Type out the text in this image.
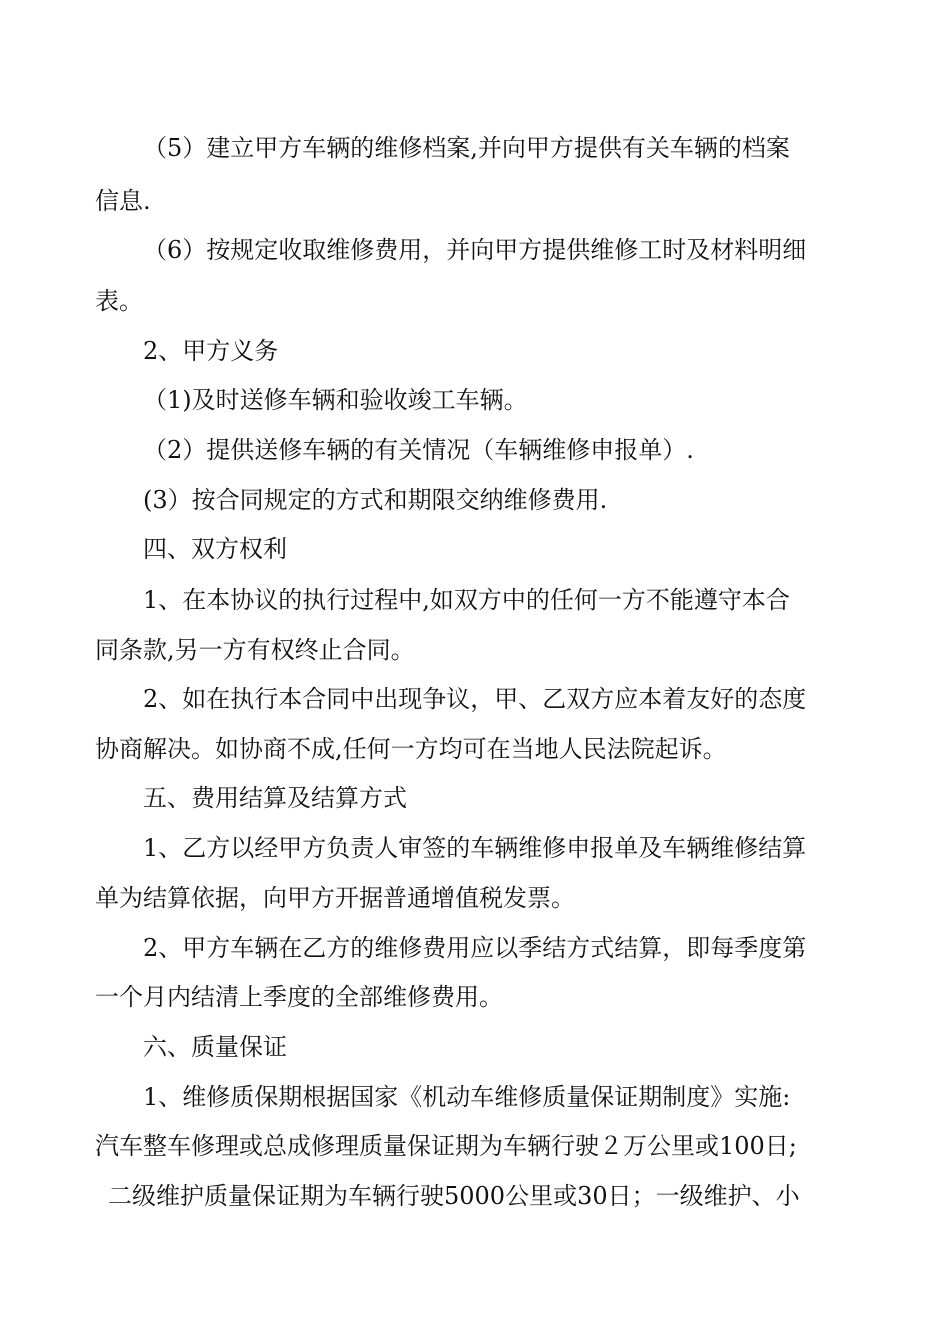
（5）建立甲方车辆的维修档案,并向甲方提供有关车辆的档案

信息.

（6）按规定收取维修费用，并向甲方提供维修工时及材料明细

表。

2、甲方义务

（1)及时送修车辆和验收竣工车辆。

（2）提供送修车辆的有关情况（车辆维修申报单）.

(3）按合同规定的方式和期限交纳维修费用.

四、双方权利

1、在本协议的执行过程中,如双方中的任何一方不能遵守本合

同条款,另一方有权终止合同。

2、如在执行本合同中出现争议，甲、乙双方应本着友好的态度

协商解决。如协商不成,任何一方均可在当地人民法院起诉。

五、费用结算及结算方式

1、乙方以经甲方负责人审签的车辆维修申报单及车辆维修结算

单为结算依据，向甲方开据普通增值税发票。

2、甲方车辆在乙方的维修费用应以季结方式结算，即每季度第

一个月内结清上季度的全部维修费用。

六、质量保证

1、维修质保期根据国家《机动车维修质量保证期制度》实施:

汽车整车修理或总成修理质量保证期为车辆行驶２万公里或100日;

二级维护质量保证期为车辆行驶5000公里或30日；一级维护、小
